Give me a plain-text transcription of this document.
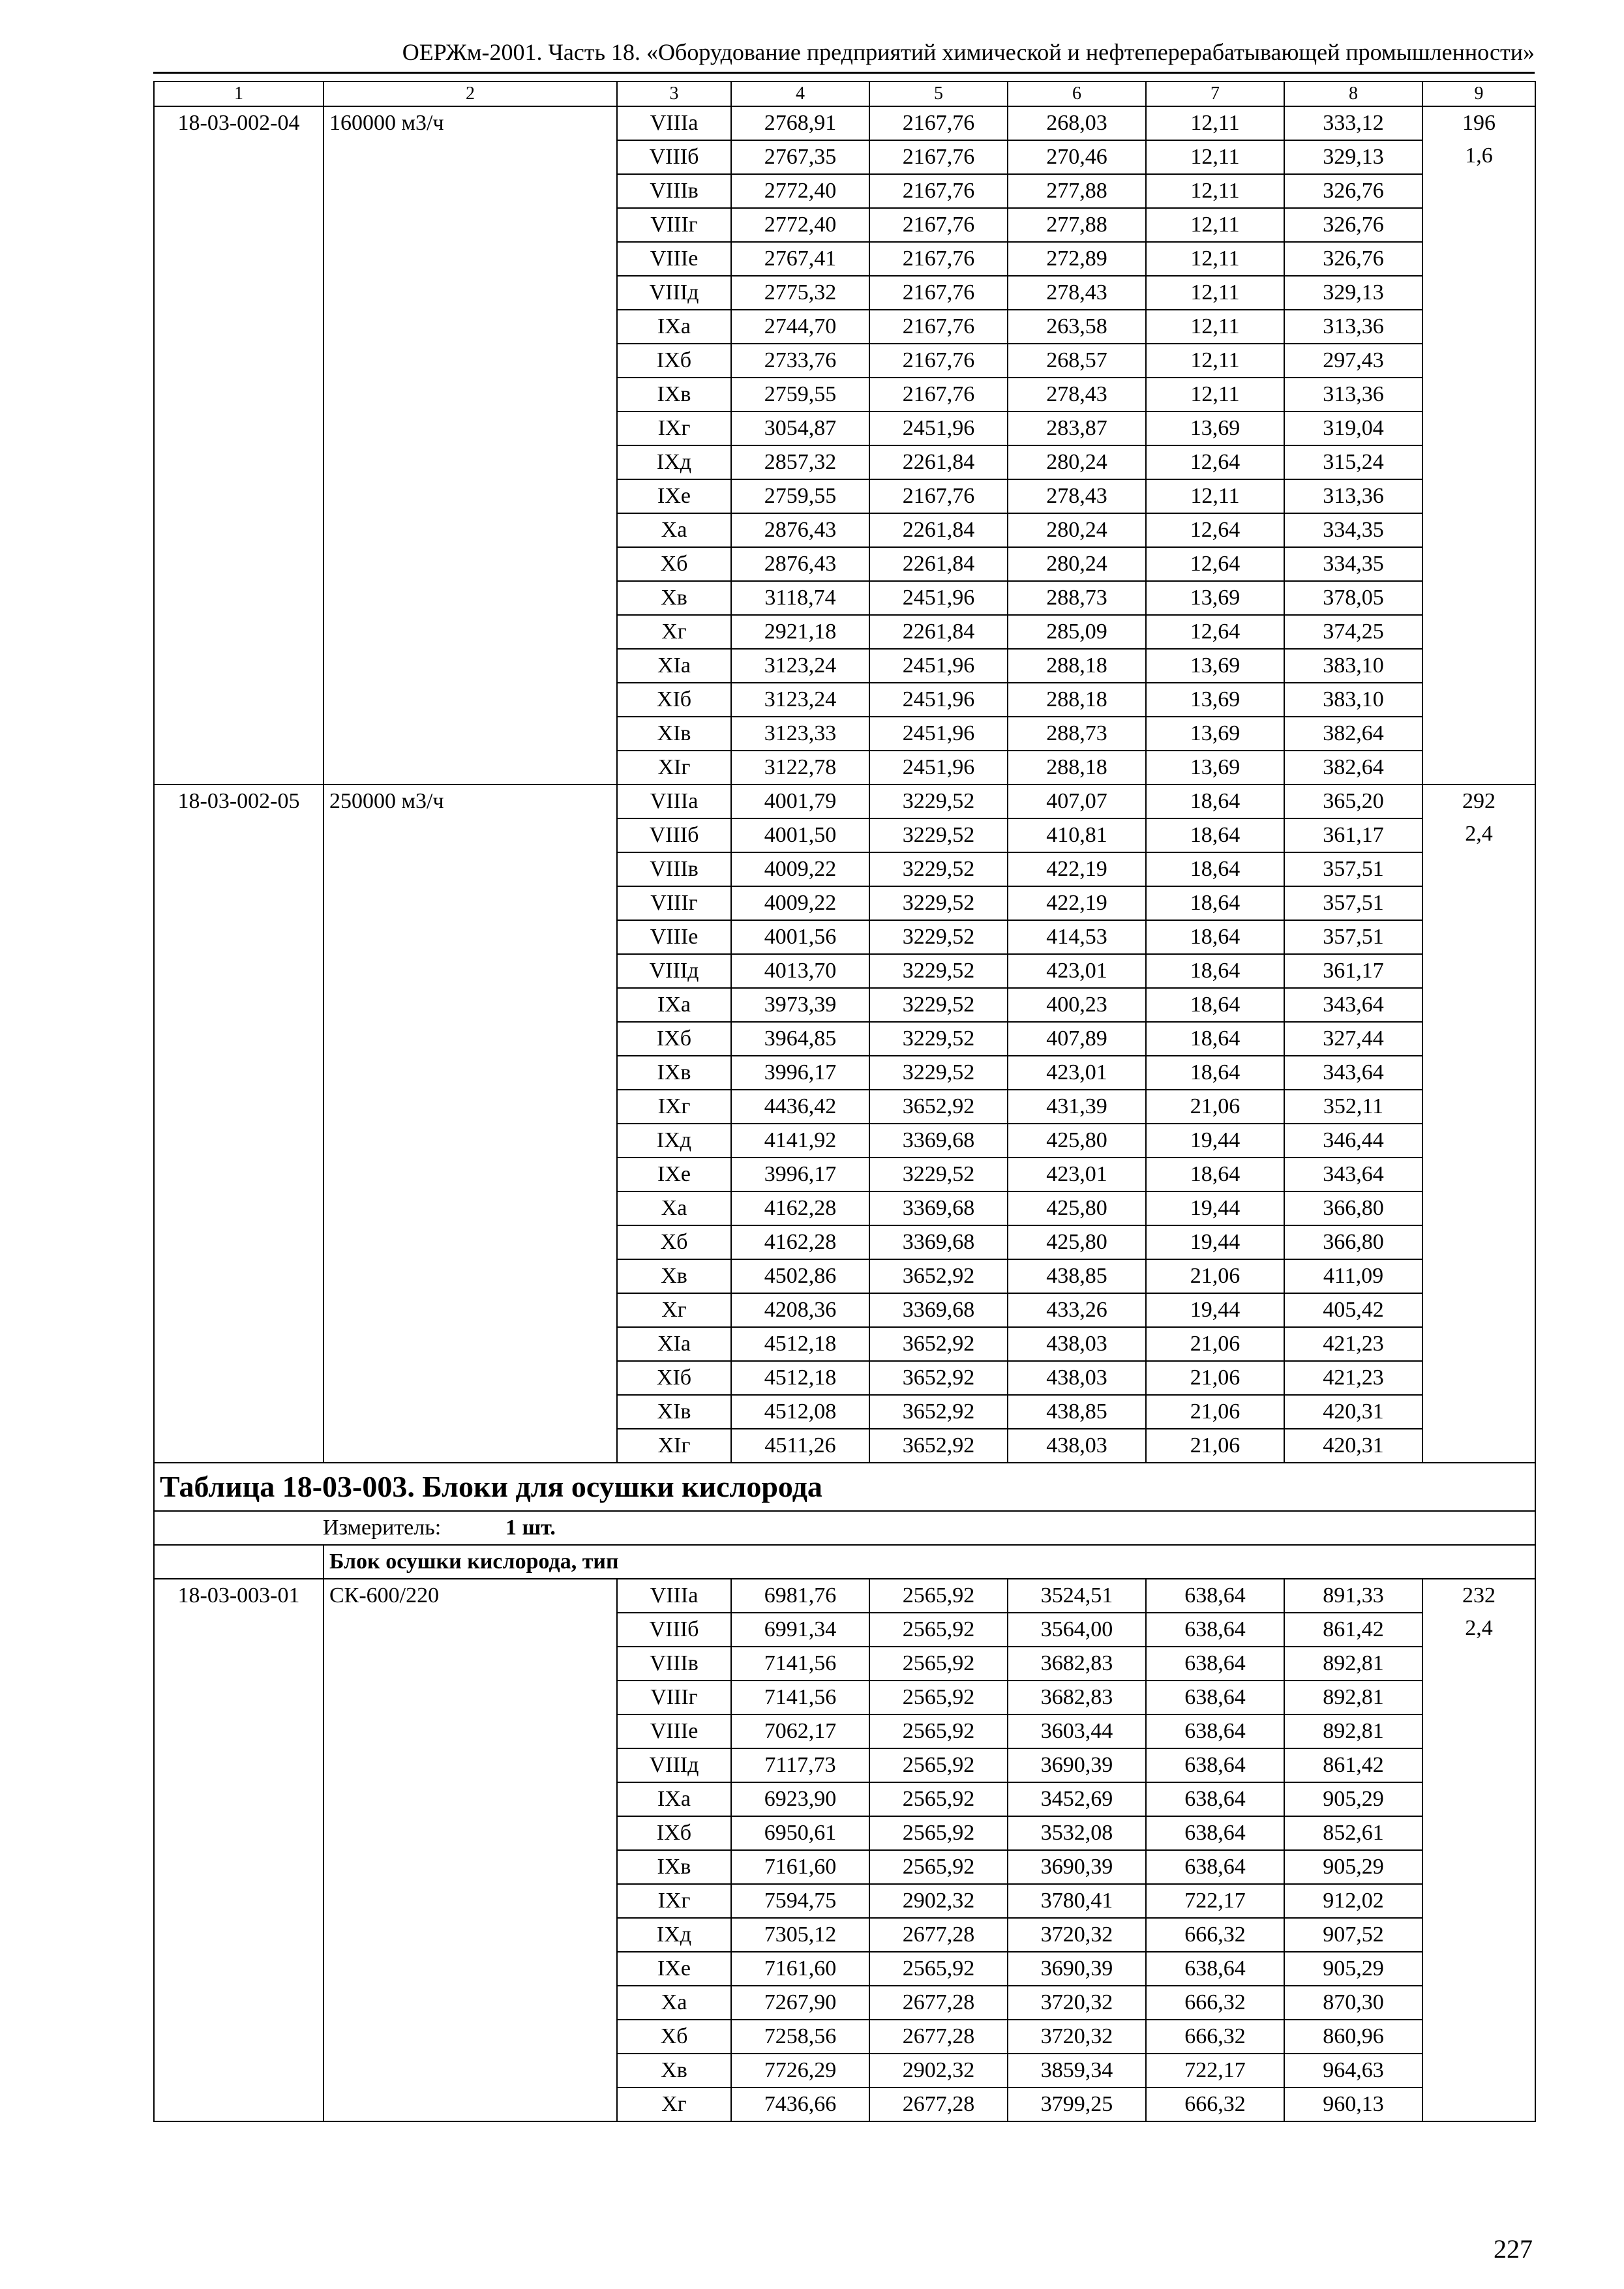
ОЕРЖм-2001. Часть 18. «Оборудование предприятий химической и нефтеперерабатывающей промышленности»
1	2	3	4	5	6	7	8	9
18-03-002-04	160000 м3/ч	VIIIа	2768,91	2167,76	268,03	12,11	333,12	196
1,6

		VIIIб	2767,35	2167,76	270,46	12,11	329,13	
		VIIIв	2772,40	2167,76	277,88	12,11	326,76	
		VIIIг	2772,40	2167,76	277,88	12,11	326,76	
		VIIIе	2767,41	2167,76	272,89	12,11	326,76	
		VIIIд	2775,32	2167,76	278,43	12,11	329,13	
		IXа	2744,70	2167,76	263,58	12,11	313,36	
		IXб	2733,76	2167,76	268,57	12,11	297,43	
		IXв	2759,55	2167,76	278,43	12,11	313,36	
		IXг	3054,87	2451,96	283,87	13,69	319,04	
		IXд	2857,32	2261,84	280,24	12,64	315,24	
		IXе	2759,55	2167,76	278,43	12,11	313,36	
		Xа	2876,43	2261,84	280,24	12,64	334,35	
		Xб	2876,43	2261,84	280,24	12,64	334,35	
		Xв	3118,74	2451,96	288,73	13,69	378,05	
		Xг	2921,18	2261,84	285,09	12,64	374,25	
		XIа	3123,24	2451,96	288,18	13,69	383,10	
		XIб	3123,24	2451,96	288,18	13,69	383,10	
		XIв	3123,33	2451,96	288,73	13,69	382,64	
		XIг	3122,78	2451,96	288,18	13,69	382,64	
18-03-002-05	250000 м3/ч	VIIIа	4001,79	3229,52	407,07	18,64	365,20	292
2,4

		VIIIб	4001,50	3229,52	410,81	18,64	361,17	
		VIIIв	4009,22	3229,52	422,19	18,64	357,51	
		VIIIг	4009,22	3229,52	422,19	18,64	357,51	
		VIIIе	4001,56	3229,52	414,53	18,64	357,51	
		VIIIд	4013,70	3229,52	423,01	18,64	361,17	
		IXа	3973,39	3229,52	400,23	18,64	343,64	
		IXб	3964,85	3229,52	407,89	18,64	327,44	
		IXв	3996,17	3229,52	423,01	18,64	343,64	
		IXг	4436,42	3652,92	431,39	21,06	352,11	
		IXд	4141,92	3369,68	425,80	19,44	346,44	
		IXе	3996,17	3229,52	423,01	18,64	343,64	
		Xа	4162,28	3369,68	425,80	19,44	366,80	
		Xб	4162,28	3369,68	425,80	19,44	366,80	
		Xв	4502,86	3652,92	438,85	21,06	411,09	
		Xг	4208,36	3369,68	433,26	19,44	405,42	
		XIа	4512,18	3652,92	438,03	21,06	421,23	
		XIб	4512,18	3652,92	438,03	21,06	421,23	
		XIв	4512,08	3652,92	438,85	21,06	420,31	
		XIг	4511,26	3652,92	438,03	21,06	420,31	
Таблица 18-03-003. Блоки для осушки кислорода								
Измеритель: 1 шт.								
	Блок осушки кислорода, тип							
18-03-003-01	СК-600/220	VIIIа	6981,76	2565,92	3524,51	638,64	891,33	232
2,4

		VIIIб	6991,34	2565,92	3564,00	638,64	861,42	
		VIIIв	7141,56	2565,92	3682,83	638,64	892,81	
		VIIIг	7141,56	2565,92	3682,83	638,64	892,81	
		VIIIе	7062,17	2565,92	3603,44	638,64	892,81	
		VIIIд	7117,73	2565,92	3690,39	638,64	861,42	
		IXа	6923,90	2565,92	3452,69	638,64	905,29	
		IXб	6950,61	2565,92	3532,08	638,64	852,61	
		IXв	7161,60	2565,92	3690,39	638,64	905,29	
		IXг	7594,75	2902,32	3780,41	722,17	912,02	
		IXд	7305,12	2677,28	3720,32	666,32	907,52	
		IXе	7161,60	2565,92	3690,39	638,64	905,29	
		Xа	7267,90	2677,28	3720,32	666,32	870,30	
		Xб	7258,56	2677,28	3720,32	666,32	860,96	
		Xв	7726,29	2902,32	3859,34	722,17	964,63	
		Xг	7436,66	2677,28	3799,25	666,32	960,13	
227
